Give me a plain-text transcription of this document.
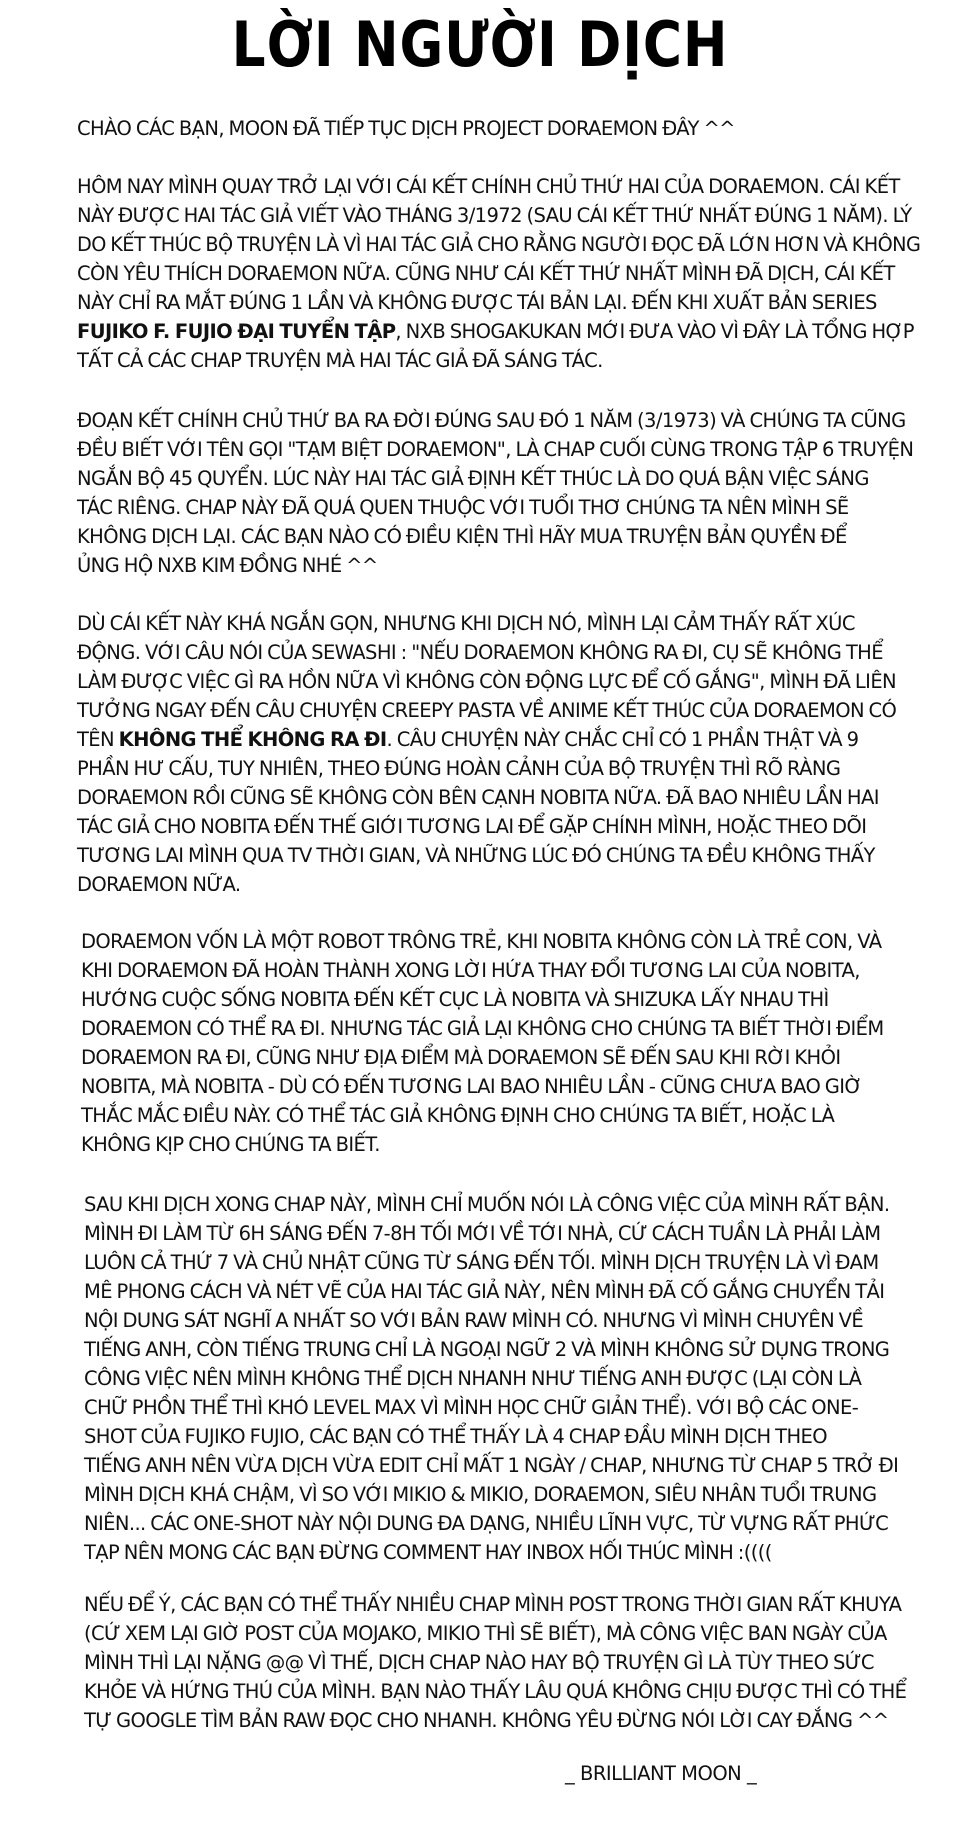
LỜI NGƯỜI DỊCH
CHÀO CÁC BẠN, MOON ĐÃ TIẾP TỤC DỊCH PROJECT DORAEMON ĐÂY ^^
HÔM NAY MÌNH QUAY TRỞ LẠI VỚI CÁI KẾT CHÍNH CHỦ THỨ HAI CỦA DORAEMON. CÁI KẾT
NÀY ĐƯỢC HAI TÁC GIẢ VIẾT VÀO THÁNG 3/1972 (SAU CÁI KẾT THỨ NHẤT ĐÚNG 1 NĂM). LÝ
DO KẾT THÚC BỘ TRUYỆN LÀ VÌ HAI TÁC GIẢ CHO RẰNG NGƯỜI ĐỌC ĐÃ LỚN HƠN VÀ KHÔNG
CÒN YÊU THÍCH DORAEMON NỮA. CŨNG NHƯ CÁI KẾT THỨ NHẤT MÌNH ĐÃ DỊCH, CÁI KẾT
NÀY CHỈ RA MẮT ĐÚNG 1 LẦN VÀ KHÔNG ĐƯỢC TÁI BẢN LẠI. ĐẾN KHI XUẤT BẢN SERIES
FUJIKO F. FUJIO ĐẠI TUYỂN TẬP, NXB SHOGAKUKAN MỚI ĐƯA VÀO VÌ ĐÂY LÀ TỔNG HỢP
TẤT CẢ CÁC CHAP TRUYỆN MÀ HAI TÁC GIẢ ĐÃ SÁNG TÁC.
ĐOẠN KẾT CHÍNH CHỦ THỨ BA RA ĐỜI ĐÚNG SAU ĐÓ 1 NĂM (3/1973) VÀ CHÚNG TA CŨNG
ĐỀU BIẾT VỚI TÊN GỌI "TẠM BIỆT DORAEMON", LÀ CHAP CUỐI CÙNG TRONG TẬP 6 TRUYỆN
NGẮN BỘ 45 QUYỂN. LÚC NÀY HAI TÁC GIẢ ĐỊNH KẾT THÚC LÀ DO QUÁ BẬN VIỆC SÁNG
TÁC RIÊNG. CHAP NÀY ĐÃ QUÁ QUEN THUỘC VỚI TUỔI THƠ CHÚNG TA NÊN MÌNH SẼ
KHÔNG DỊCH LẠI. CÁC BẠN NÀO CÓ ĐIỀU KIỆN THÌ HÃY MUA TRUYỆN BẢN QUYỀN ĐỂ
ỦNG HỘ NXB KIM ĐỒNG NHÉ ^^
DÙ CÁI KẾT NÀY KHÁ NGẮN GỌN, NHƯNG KHI DỊCH NÓ, MÌNH LẠI CẢM THẤY RẤT XÚC
ĐỘNG. VỚI CÂU NÓI CỦA SEWASHI : "NẾU DORAEMON KHÔNG RA ĐI, CỤ SẼ KHÔNG THỂ
LÀM ĐƯỢC VIỆC GÌ RA HỒN NỮA VÌ KHÔNG CÒN ĐỘNG LỰC ĐỂ CỐ GẮNG", MÌNH ĐÃ LIÊN
TƯỞNG NGAY ĐẾN CÂU CHUYỆN CREEPY PASTA VỀ ANIME KẾT THÚC CỦA DORAEMON CÓ
TÊN KHÔNG THỂ KHÔNG RA ĐI. CÂU CHUYỆN NÀY CHẮC CHỈ CÓ 1 PHẦN THẬT VÀ 9
PHẦN HƯ CẤU, TUY NHIÊN, THEO ĐÚNG HOÀN CẢNH CỦA BỘ TRUYỆN THÌ RÕ RÀNG
DORAEMON RỒI CŨNG SẼ KHÔNG CÒN BÊN CẠNH NOBITA NỮA. ĐÃ BAO NHIÊU LẦN HAI
TÁC GIẢ CHO NOBITA ĐẾN THẾ GIỚI TƯƠNG LAI ĐỂ GẶP CHÍNH MÌNH, HOẶC THEO DÕI
TƯƠNG LAI MÌNH QUA TV THỜI GIAN, VÀ NHỮNG LÚC ĐÓ CHÚNG TA ĐỀU KHÔNG THẤY
DORAEMON NỮA.
DORAEMON VỐN LÀ MỘT ROBOT TRÔNG TRẺ, KHI NOBITA KHÔNG CÒN LÀ TRẺ CON, VÀ
KHI DORAEMON ĐÃ HOÀN THÀNH XONG LỜI HỨA THAY ĐỔI TƯƠNG LAI CỦA NOBITA,
HƯỚNG CUỘC SỐNG NOBITA ĐẾN KẾT CỤC LÀ NOBITA VÀ SHIZUKA LẤY NHAU THÌ
DORAEMON CÓ THỂ RA ĐI. NHƯNG TÁC GIẢ LẠI KHÔNG CHO CHÚNG TA BIẾT THỜI ĐIỂM
DORAEMON RA ĐI, CŨNG NHƯ ĐỊA ĐIỂM MÀ DORAEMON SẼ ĐẾN SAU KHI RỜI KHỎI
NOBITA, MÀ NOBITA - DÙ CÓ ĐẾN TƯƠNG LAI BAO NHIÊU LẦN - CŨNG CHƯA BAO GIỜ
THẮC MẮC ĐIỀU NÀY. CÓ THỂ TÁC GIẢ KHÔNG ĐỊNH CHO CHÚNG TA BIẾT, HOẶC LÀ
KHÔNG KỊP CHO CHÚNG TA BIẾT.
SAU KHI DỊCH XONG CHAP NÀY, MÌNH CHỈ MUỐN NÓI LÀ CÔNG VIỆC CỦA MÌNH RẤT BẬN.
MÌNH ĐI LÀM TỪ 6H SÁNG ĐẾN 7-8H TỐI MỚI VỀ TỚI NHÀ, CỨ CÁCH TUẦN LÀ PHẢI LÀM
LUÔN CẢ THỨ 7 VÀ CHỦ NHẬT CŨNG TỪ SÁNG ĐẾN TỐI. MÌNH DỊCH TRUYỆN LÀ VÌ ĐAM
MÊ PHONG CÁCH VÀ NÉT VẼ CỦA HAI TÁC GIẢ NÀY, NÊN MÌNH ĐÃ CỐ GẮNG CHUYỂN TẢI
NỘI DUNG SÁT NGHĨ A NHẤT SO VỚI BẢN RAW MÌNH CÓ. NHƯNG VÌ MÌNH CHUYÊN VỀ
TIẾNG ANH, CÒN TIẾNG TRUNG CHỈ LÀ NGOẠI NGỮ 2 VÀ MÌNH KHÔNG SỬ DỤNG TRONG
CÔNG VIỆC NÊN MÌNH KHÔNG THỂ DỊCH NHANH NHƯ TIẾNG ANH ĐƯỢC (LẠI CÒN LÀ
CHỮ PHỒN THỂ THÌ KHÓ LEVEL MAX VÌ MÌNH HỌC CHỮ GIẢN THỂ). VỚI BỘ CÁC ONE-
SHOT CỦA FUJIKO FUJIO, CÁC BẠN CÓ THỂ THẤY LÀ 4 CHAP ĐẦU MÌNH DỊCH THEO
TIẾNG ANH NÊN VỪA DỊCH VỪA EDIT CHỈ MẤT 1 NGÀY / CHAP, NHƯNG TỪ CHAP 5 TRỞ ĐI
MÌNH DỊCH KHÁ CHẬM, VÌ SO VỚI MIKIO & MIKIO, DORAEMON, SIÊU NHÂN TUỔI TRUNG
NIÊN... CÁC ONE-SHOT NÀY NỘI DUNG ĐA DẠNG, NHIỀU LĨNH VỰC, TỪ VỰNG RẤT PHỨC
TẠP NÊN MONG CÁC BẠN ĐỪNG COMMENT HAY INBOX HỐI THÚC MÌNH :((((
NẾU ĐỂ Ý, CÁC BẠN CÓ THỂ THẤY NHIỀU CHAP MÌNH POST TRONG THỜI GIAN RẤT KHUYA
(CỨ XEM LẠI GIỜ POST CỦA MOJAKO, MIKIO THÌ SẼ BIẾT), MÀ CÔNG VIỆC BAN NGÀY CỦA
MÌNH THÌ LẠI NẶNG @@ VÌ THẾ, DỊCH CHAP NÀO HAY BỘ TRUYỆN GÌ LÀ TÙY THEO SỨC
KHỎE VÀ HỨNG THÚ CỦA MÌNH. BẠN NÀO THẤY LÂU QUÁ KHÔNG CHỊU ĐƯỢC THÌ CÓ THỂ
TỰ GOOGLE TÌM BẢN RAW ĐỌC CHO NHANH. KHÔNG YÊU ĐỪNG NÓI LỜI CAY ĐẮNG ^^
_ BRILLIANT MOON _
